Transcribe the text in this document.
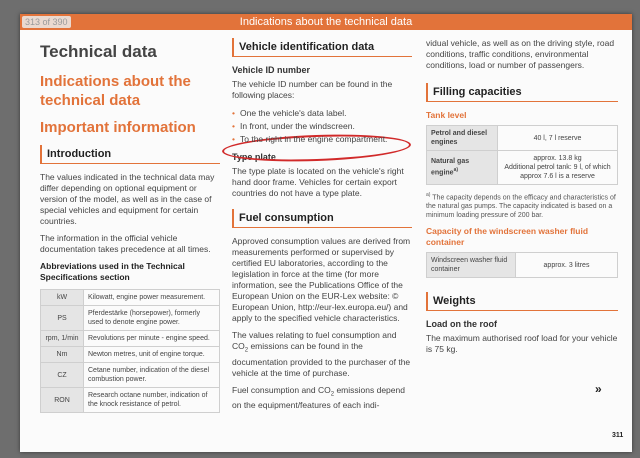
313 of 390	Indications about the technical data
Technical data
Indications about the technical data
Important information
Introduction

The values indicated in the technical data may differ depending on optional equipment or version of the model, as well as in the case of special vehicles and equipment for certain countries.

The information in the official vehicle documentation takes precedence at all times.

Abbreviations used in the Technical Specifications section
kW	Kilowatt, engine power measurement.
PS	Pferdestärke (horsepower), formerly used to denote engine power.
rpm, 1/min	Revolutions per minute - engine speed.
Nm	Newton metres, unit of engine torque.
CZ	Cetane number, indication of the diesel combustion power.
RON	Research octane number, indication of the knock resistance of petrol.
Vehicle identification data
Vehicle ID number

The vehicle ID number can be found in the following places:

• One the vehicle's data label.
• In front, under the windscreen.
• To the right in the engine compartment.
Type plate

The type plate is located on the vehicle's right hand door frame. Vehicles for certain export countries do not have a type plate.

Fuel consumption

Approved consumption values are derived from measurements performed or supervised by certified EU laboratories, according to the legislation in force at the time (for more information, see the Publications Office of the European Union on the EUR-Lex website: © European Union, http://eur-lex.europa.eu/) and apply to the specified vehicle characteristics.

The values relating to fuel consumption and $CO_2$ emissions can be found in the documentation provided to the purchaser of the vehicle at the time of purchase.

Fuel consumption and $CO_2$ emissions depend on the equipment/features of each indi-

vidual vehicle, as well as on the driving style, road conditions, traffic conditions, environmental conditions, load or number of passengers.

Filling capacities
Tank level
Petrol and diesel engines	40 l, 7 l reserve
Natural gas engine$^{a)}$	approx. 13.8 kg
Additional petrol tank: 9 l, of which approx 7.6 l is a reserve
$^{a)}$ The capacity depends on the efficacy and characteristics of the natural gas pumps. The capacity indicated is based on a minimum loading pressure of 200 bar.
Capacity of the windscreen washer fluid container
Windscreen washer fluid container	approx. 3 litres
Weights
Load on the roof

The maximum authorised roof load for your vehicle is 75 kg.

»
311
